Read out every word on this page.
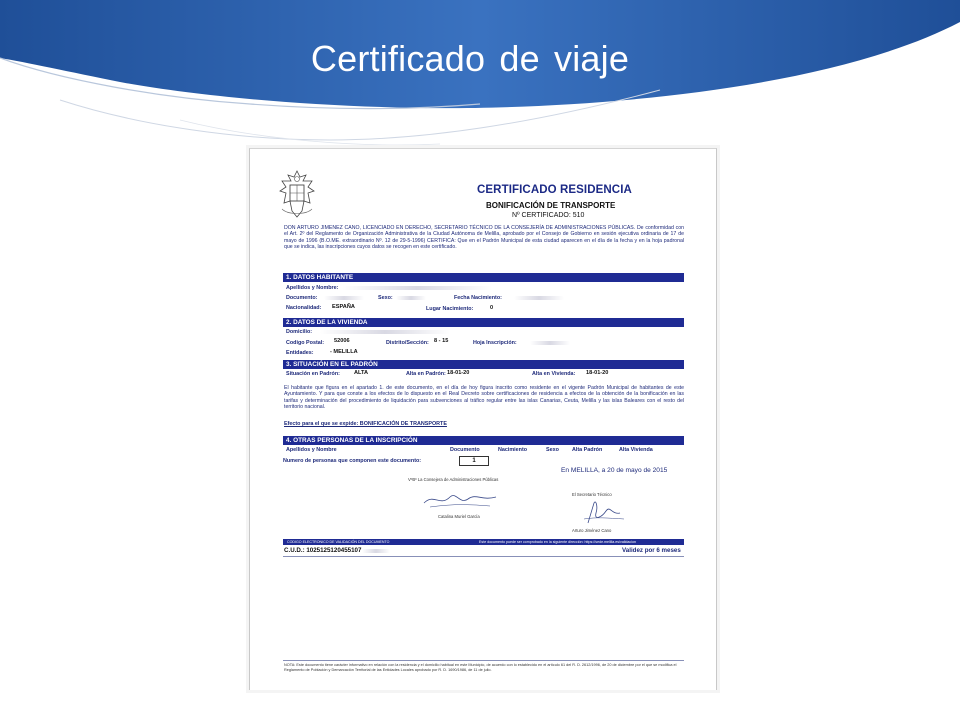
Certificado de viaje
CERTIFICADO RESIDENCIA
BONIFICACIÓN DE TRANSPORTE
Nº CERTIFICADO: 510
DON ARTURO JIMENEZ CANO, LICENCIADO EN DERECHO, SECRETARIO TÉCNICO DE LA CONSEJERÍA DE ADMINISTRACIONES PÚBLICAS. De conformidad con el Art. 2º del Reglamento de Organización Administrativa de la Ciudad Autónoma de Melilla, aprobado por el Consejo de Gobierno en sesión ejecutiva ordinaria de 17 de mayo de 1996 (B.O.ME. extraordinario Nº. 12 de 29-5-1996) CERTIFICA: Que en el Padrón Municipal de esta ciudad aparecen en el día de la fecha y en la hoja padronal que se indica, las inscripciones cuyos datos se recogen en este certificado.
1. DATOS HABITANTE
Apellidos y Nombre:
Documento:	Sexo:	Fecha Nacimiento:
Nacionalidad: ESPAÑA	Lugar Nacimiento:	0
2. DATOS DE LA VIVIENDA
Domicilio:
Codigo Postal: 52006	Distrito/Sección: 8 - 15	Hoja Inscripción:
Entidades:	- MELILLA
3. SITUACIÓN EN EL PADRÓN
Situación en Padrón:	ALTA	Alta en Padrón: 18-01-20	Alta en Vivienda: 18-01-20
El habitante que figura en el apartado 1. de este documento, en el día de hoy figura inscrito como residente en el vigente Padrón Municipal de habitantes de este Ayuntamiento. Y para que conste a los efectos de lo dispuesto en el Real Decreto sobre certificaciones de residencia a efectos de la obtención de la bonificación en las tarifas y determinación del procedimiento de liquidación para subvenciones al tráfico regular entre las islas Canarias, Ceuta, Melilla y las islas Baleares con el resto del territorio nacional.
Efecto para el que se expide: BONIFICACIÓN DE TRANSPORTE
4. OTRAS PERSONAS DE LA INSCRIPCIÓN
Apellidos y Nombre	Documento	Nacimiento	Sexo Alta Padrón	Alta Vivienda
Numero de personas que componen este documento:	1
En MELILLA, a 20 de mayo de 2015
VºBº La Consejera de Administraciones Públicas
Catalina Muriel García
El Secretario Técnico
Arturo Jiménez Cano
CODIGO ELECTRONICO DE VALIDACIÓN DEL DOCUMENTO	Este documento puede ser comprobado en la siguiente dirección: https://sede.melilla.es/validacion
C.U.D.: 1025125120455107	Validez por 6 meses
NOTA: Este documento tiene carácter informativo en relación con la residencia y el domicilio habitual en este Municipio, de acuerdo con lo establecido en el artículo 61 del R. D. 2612/1996, de 20 de diciembre por el que se modifica el Reglamento de Población y Demarcación Territorial de las Entidades Locales aprobado por R. D. 1690/1986, de 11 de julio.
